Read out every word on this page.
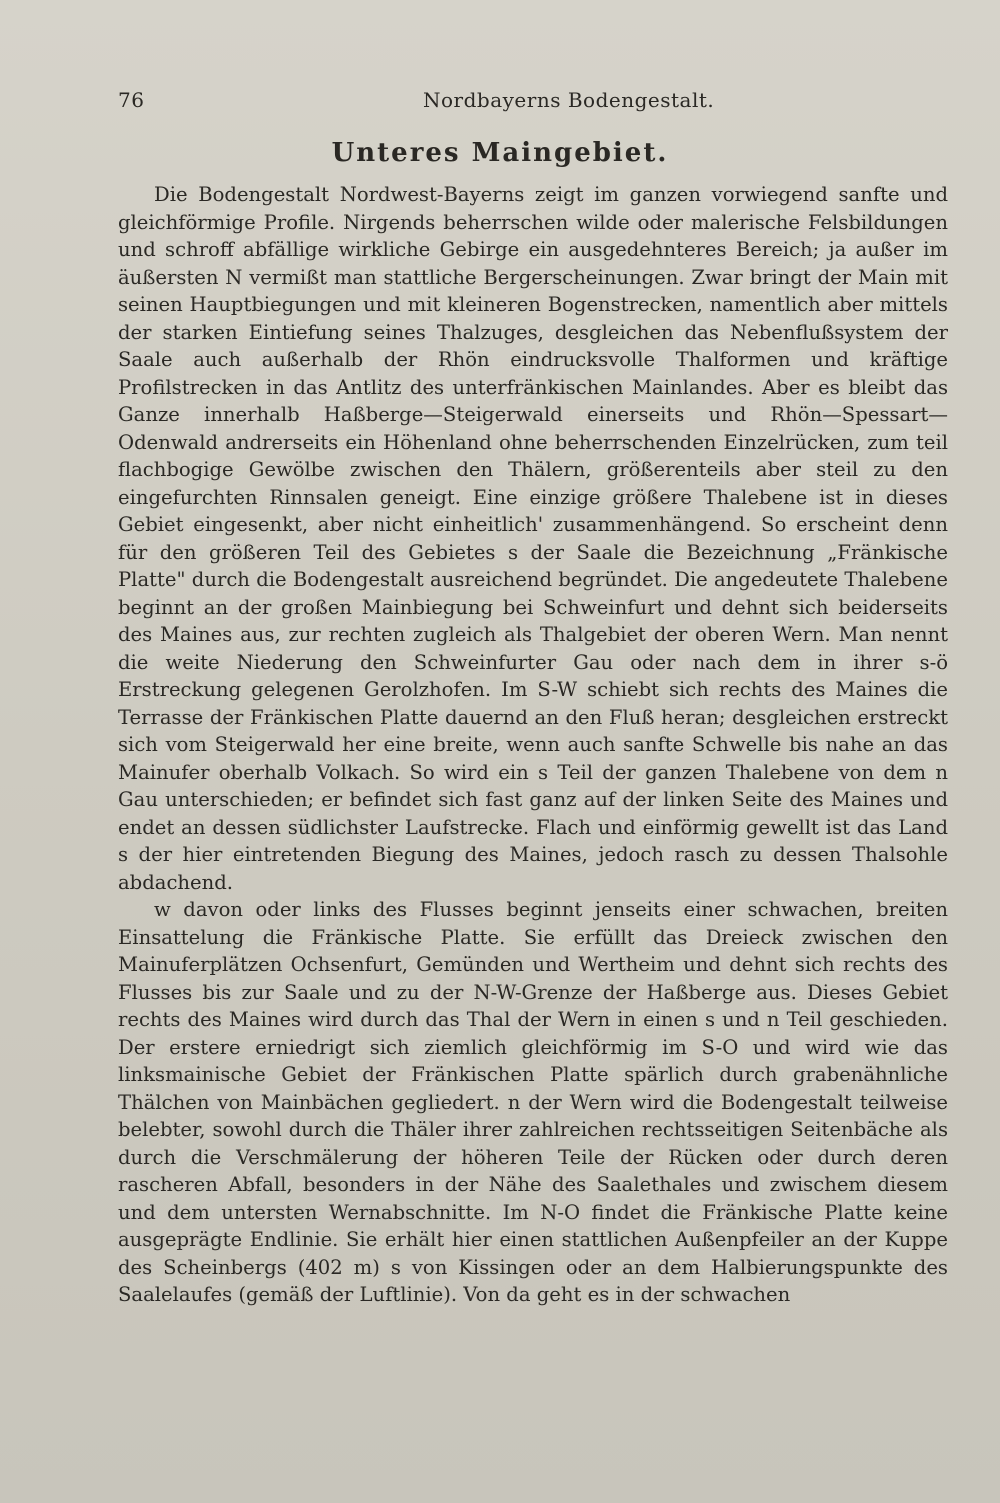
76	Nordbayerns Bodengestalt.
Unteres Maingebiet.

Die Bodengestalt Nordwest-Bayerns zeigt im ganzen vorwiegend sanfte und gleichförmige Profile. Nirgends beherrschen wilde oder malerische Felsbildungen und schroff abfällige wirkliche Gebirge ein ausgedehnteres Bereich; ja außer im äußersten N vermißt man stattliche Bergerscheinungen. Zwar bringt der Main mit seinen Hauptbiegungen und mit kleineren Bogenstrecken, namentlich aber mittels der starken Eintiefung seines Thalzuges, desgleichen das Nebenflußsystem der Saale auch außerhalb der Rhön eindrucksvolle Thalformen und kräftige Profilstrecken in das Antlitz des unterfränkischen Mainlandes. Aber es bleibt das Ganze innerhalb Haßberge—Steigerwald einerseits und Rhön—Spessart—Odenwald andrerseits ein Höhenland ohne beherrschenden Einzelrücken, zum teil flachbogige Gewölbe zwischen den Thälern, größerenteils aber steil zu den eingefurchten Rinnsalen geneigt. Eine einzige größere Thalebene ist in dieses Gebiet eingesenkt, aber nicht einheitlich' zusammenhängend. So erscheint denn für den größeren Teil des Gebietes s der Saale die Bezeichnung „Fränkische Platte" durch die Bodengestalt ausreichend begründet. Die angedeutete Thalebene beginnt an der großen Mainbiegung bei Schweinfurt und dehnt sich beiderseits des Maines aus, zur rechten zugleich als Thalgebiet der oberen Wern. Man nennt die weite Niederung den Schweinfurter Gau oder nach dem in ihrer s-ö Erstreckung gelegenen Gerolzhofen. Im S-W schiebt sich rechts des Maines die Terrasse der Fränkischen Platte dauernd an den Fluß heran; desgleichen erstreckt sich vom Steigerwald her eine breite, wenn auch sanfte Schwelle bis nahe an das Mainufer oberhalb Volkach. So wird ein s Teil der ganzen Thalebene von dem n Gau unterschieden; er befindet sich fast ganz auf der linken Seite des Maines und endet an dessen südlichster Laufstrecke. Flach und einförmig gewellt ist das Land s der hier eintretenden Biegung des Maines, jedoch rasch zu dessen Thalsohle abdachend.

w davon oder links des Flusses beginnt jenseits einer schwachen, breiten Einsattelung die Fränkische Platte. Sie erfüllt das Dreieck zwischen den Mainuferplätzen Ochsenfurt, Gemünden und Wertheim und dehnt sich rechts des Flusses bis zur Saale und zu der N-W-Grenze der Haßberge aus. Dieses Gebiet rechts des Maines wird durch das Thal der Wern in einen s und n Teil geschieden. Der erstere erniedrigt sich ziemlich gleichförmig im S-O und wird wie das linksmainische Gebiet der Fränkischen Platte spärlich durch grabenähnliche Thälchen von Mainbächen gegliedert. n der Wern wird die Bodengestalt teilweise belebter, sowohl durch die Thäler ihrer zahlreichen rechtsseitigen Seitenbäche als durch die Verschmälerung der höheren Teile der Rücken oder durch deren rascheren Abfall, besonders in der Nähe des Saalethales und zwischem diesem und dem untersten Wernabschnitte. Im N-O findet die Fränkische Platte keine ausgeprägte Endlinie. Sie erhält hier einen stattlichen Außenpfeiler an der Kuppe des Scheinbergs (402 m) s von Kissingen oder an dem Halbierungspunkte des Saalelaufes (gemäß der Luftlinie). Von da geht es in der schwachen
